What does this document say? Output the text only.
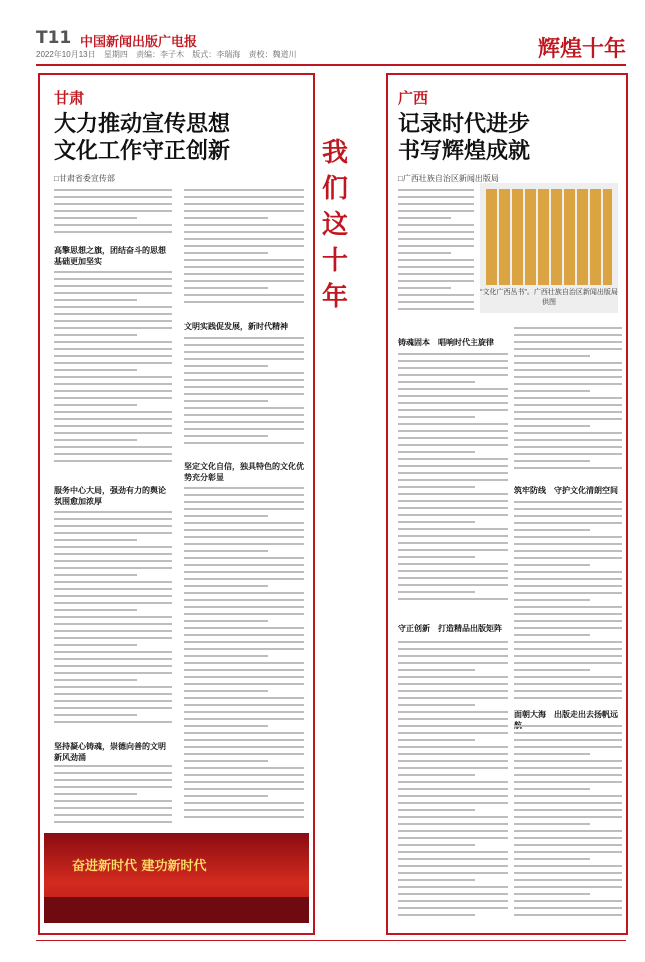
T11 中国新闻出版广电报
2022年10月13日 星期四 责编：李子木 版式：李瑞海 责校：魏道川	辉煌十年
甘肃
大力推动宣传思想
文化工作守正创新
□甘肃省委宣传部
高擎思想之旗，团结奋斗的思想基础更加坚实
服务中心大局，强劲有力的舆论氛围愈加浓厚
坚持凝心铸魂，崇德向善的文明新风劲涌
文明实践促发展，新时代精神
坚定文化自信，独具特色的文化优势充分彰显
奋进新时代 建功新时代
我
们
这
十
年
广西
记录时代进步
书写辉煌成就
□广西壮族自治区新闻出版局
“文化广西丛书”。广西壮族自治区新闻出版局　供图
铸魂固本　唱响时代主旋律
守正创新　打造精品出版矩阵
筑牢防线　守护文化清朗空间
面朝大海　出版走出去扬帆远
